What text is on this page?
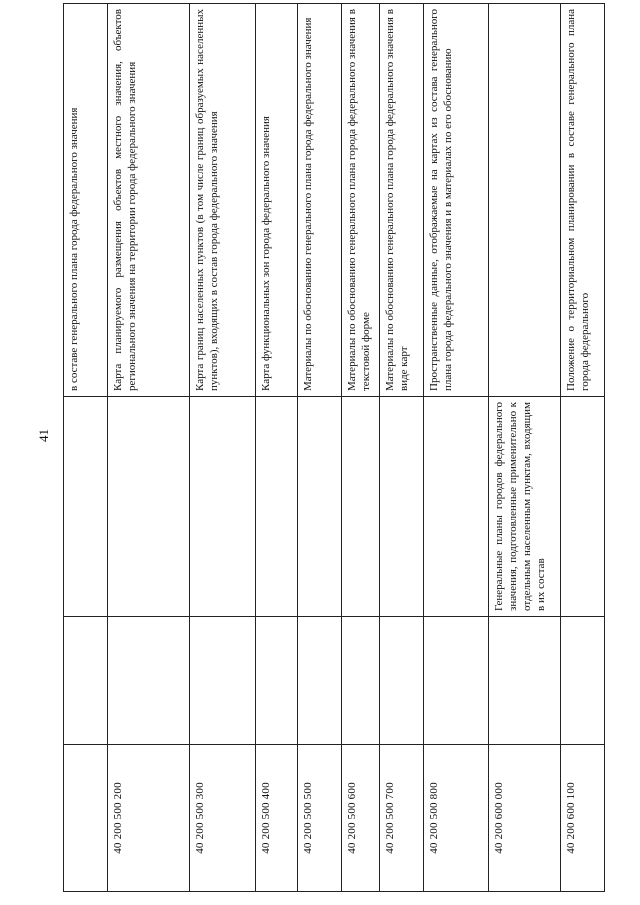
41
			в составе генерального плана города федерального значения
40 200 500 200			Карта планируемого размещения объектов местного значения, объектов регионального значения на территории города федерального значения
40 200 500 300			Карта границ населенных пунктов (в том числе границ образуемых населенных пунктов), входящих в состав города федерального значения
40 200 500 400			Карта функциональных зон города федерального значения
40 200 500 500			Материалы по обоснованию генерального плана города федерального значения
40 200 500 600			Материалы по обоснованию генерального плана города федерального значения в текстовой форме
40 200 500 700			Материалы по обоснованию генерального плана города федерального значения в виде карт
40 200 500 800			Пространственные данные, отображаемые на картах из состава генерального плана города федерального значения и в материалах по его обоснованию
40 200 600 000		Генеральные планы городов федерального значения, подготовленные применительно к отдельным населенным пунктам, входящим в их состав	
40 200 600 100			Положение о территориальном планировании в составе генерального плана города федерального
